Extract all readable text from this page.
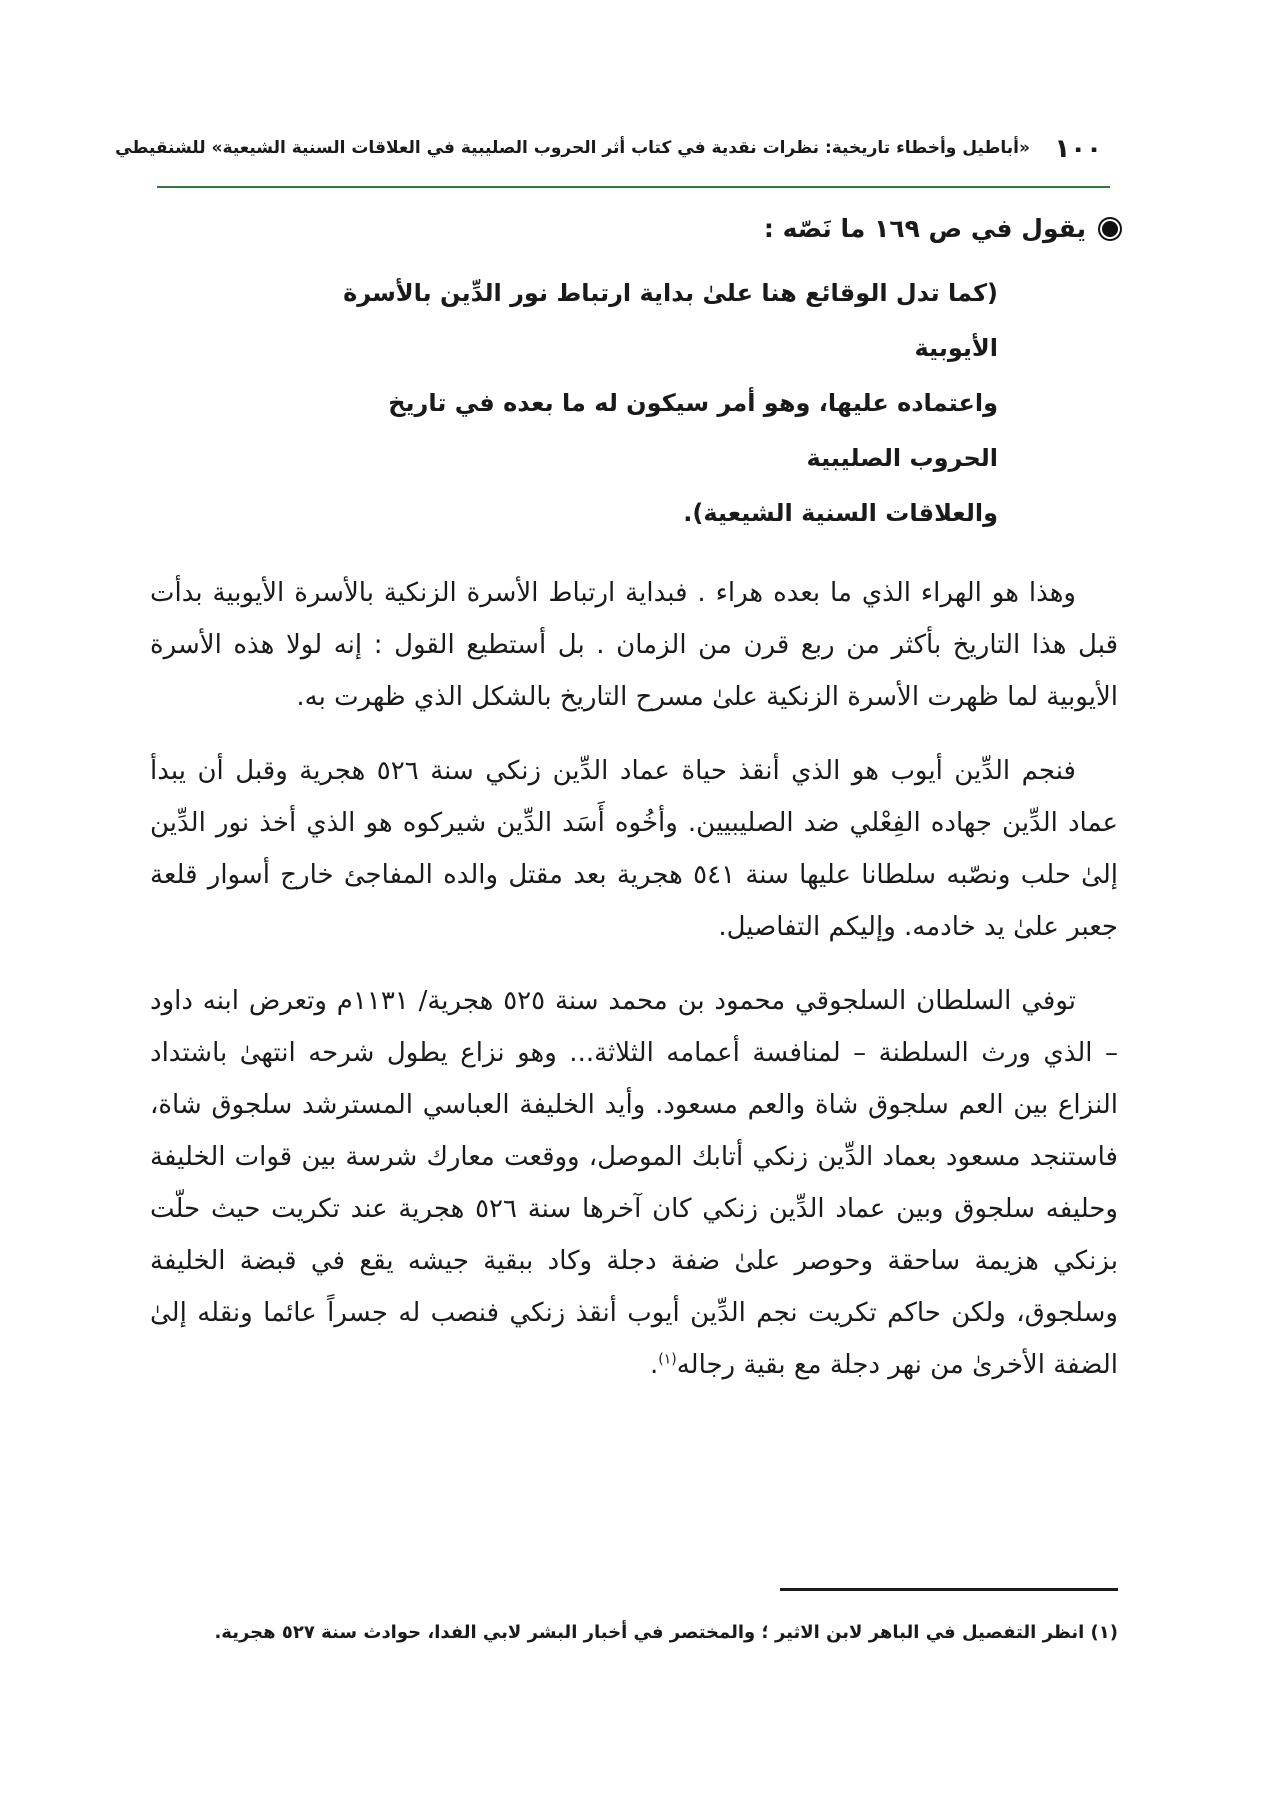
١٠٠
«أباطيل وأخطاء تاريخية: نظرات نقدية في كتاب أثر الحروب الصليبية في العلاقات السنية الشيعية» للشنقيطي

يقول في ص ١٦٩ ما نَصّه :

(كما تدل الوقائع هنا علىٰ بداية ارتباط نور الدِّين بالأسرة الأيوبية
واعتماده عليها، وهو أمر سيكون له ما بعده في تاريخ الحروب الصليبية
والعلاقات السنية الشيعية).

وهذا هو الهراء الذي ما بعده هراء . فبداية ارتباط الأسرة الزنكية بالأسرة الأيوبية بدأت قبل هذا التاريخ بأكثر من ربع قرن من الزمان . بل أستطيع القول : إنه لولا هذه الأسرة الأيوبية لما ظهرت الأسرة الزنكية علىٰ مسرح التاريخ بالشكل الذي ظهرت به.

فنجم الدِّين أيوب هو الذي أنقذ حياة عماد الدِّين زنكي سنة ٥٢٦ هجرية وقبل أن يبدأ عماد الدِّين جهاده الفِعْلي ضد الصليبيين. وأخُوه أَسَد الدِّين شيركوه هو الذي أخذ نور الدِّين إلىٰ حلب ونصّبه سلطانا عليها سنة ٥٤١ هجرية بعد مقتل والده المفاجئ خارج أسوار قلعة جعبر علىٰ يد خادمه. وإليكم التفاصيل.

توفي السلطان السلجوقي محمود بن محمد سنة ٥٢٥ هجرية/ ١١٣١م وتعرض ابنه داود – الذي ورث السلطنة – لمنافسة أعمامه الثلاثة... وهو نزاع يطول شرحه انتهىٰ باشتداد النزاع بين العم سلجوق شاة والعم مسعود. وأيد الخليفة العباسي المسترشد سلجوق شاة، فاستنجد مسعود بعماد الدِّين زنكي أتابك الموصل، ووقعت معارك شرسة بين قوات الخليفة وحليفه سلجوق وبين عماد الدِّين زنكي كان آخرها سنة ٥٢٦ هجرية عند تكريت حيث حلّت بزنكي هزيمة ساحقة وحوصر علىٰ ضفة دجلة وكاد ببقية جيشه يقع في قبضة الخليفة وسلجوق، ولكن حاكم تكريت نجم الدِّين أيوب أنقذ زنكي فنصب له جسراً عائما ونقله إلىٰ الضفة الأخرىٰ من نهر دجلة مع بقية رجاله$^{(١)}$.

(١) انظر التفصيل في الباهر لابن الاثير ؛ والمختصر في أخبار البشر لابي الفدا، حوادث سنة ٥٢٧ هجرية.
